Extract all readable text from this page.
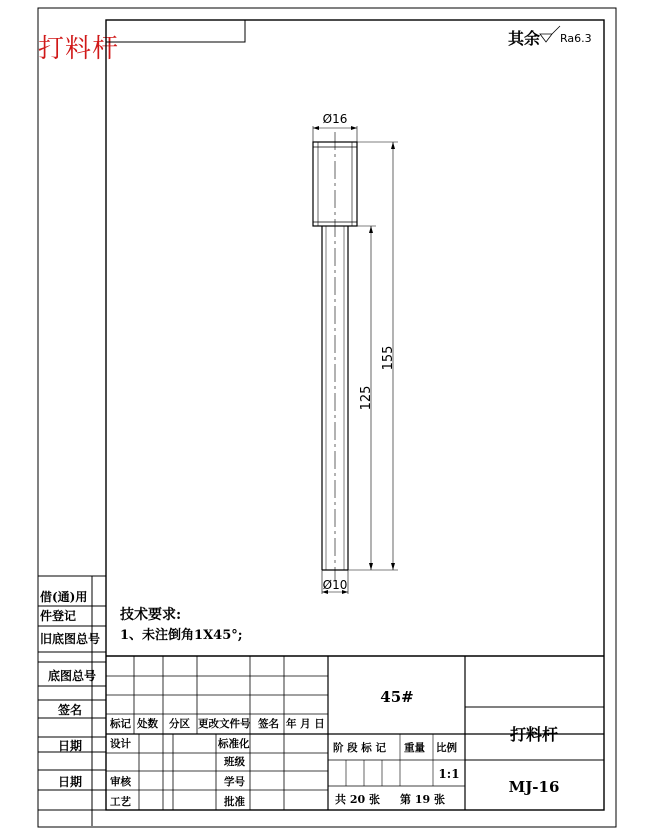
打料杆	其余 Ra6.3
Ø16
Ø10
155
125
技术要求:
1、未注倒角1X45°;
借(通)用
件登记
旧底图总号
底图总号
签名
日期
日期
45#
打料杆
MJ-16
1:1
共 20 张 第 19 张
标记 处数 分区 更改文件号 签名 年 月 日
设计
审核
工艺
标准化
班级
学号
批准
阶 段 标 记 重量 比例
